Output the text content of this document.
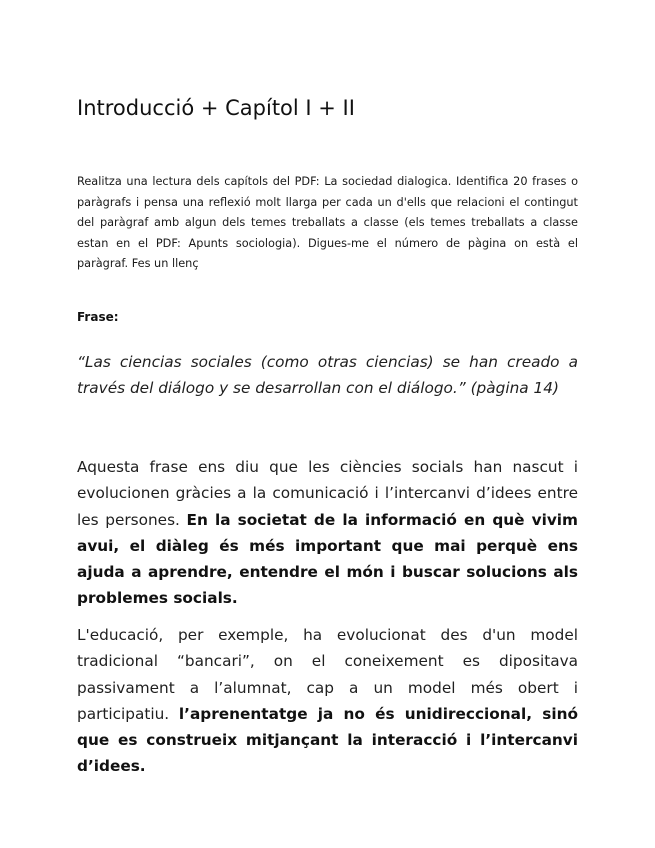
Introducció + Capítol I + II

Realitza una lectura dels capítols del PDF: La sociedad dialogica. Identifica 20 frases o paràgrafs i pensa una reflexió molt llarga per cada un d'ells que relacioni el contingut del paràgraf amb algun dels temes treballats a classe (els temes treballats a classe estan en el PDF: Apunts sociologia). Digues-me el número de pàgina on està el paràgraf. Fes un llenç

Frase:

“Las ciencias sociales (como otras ciencias) se han creado a través del diálogo y se desarrollan con el diálogo.” (pàgina 14)

Aquesta frase ens diu que les ciències socials han nascut i evolucionen gràcies a la comunicació i l’intercanvi d’idees entre les persones. En la societat de la informació en què vivim avui, el diàleg és més important que mai perquè ens ajuda a aprendre, entendre el món i buscar solucions als problemes socials.

L'educació, per exemple, ha evolucionat des d'un model tradicional “bancari”, on el coneixement es dipositava passivament a l’alumnat, cap a un model més obert i participatiu. l’aprenentatge ja no és unidireccional, sinó que es construeix mitjançant la interacció i l’intercanvi d’idees.
